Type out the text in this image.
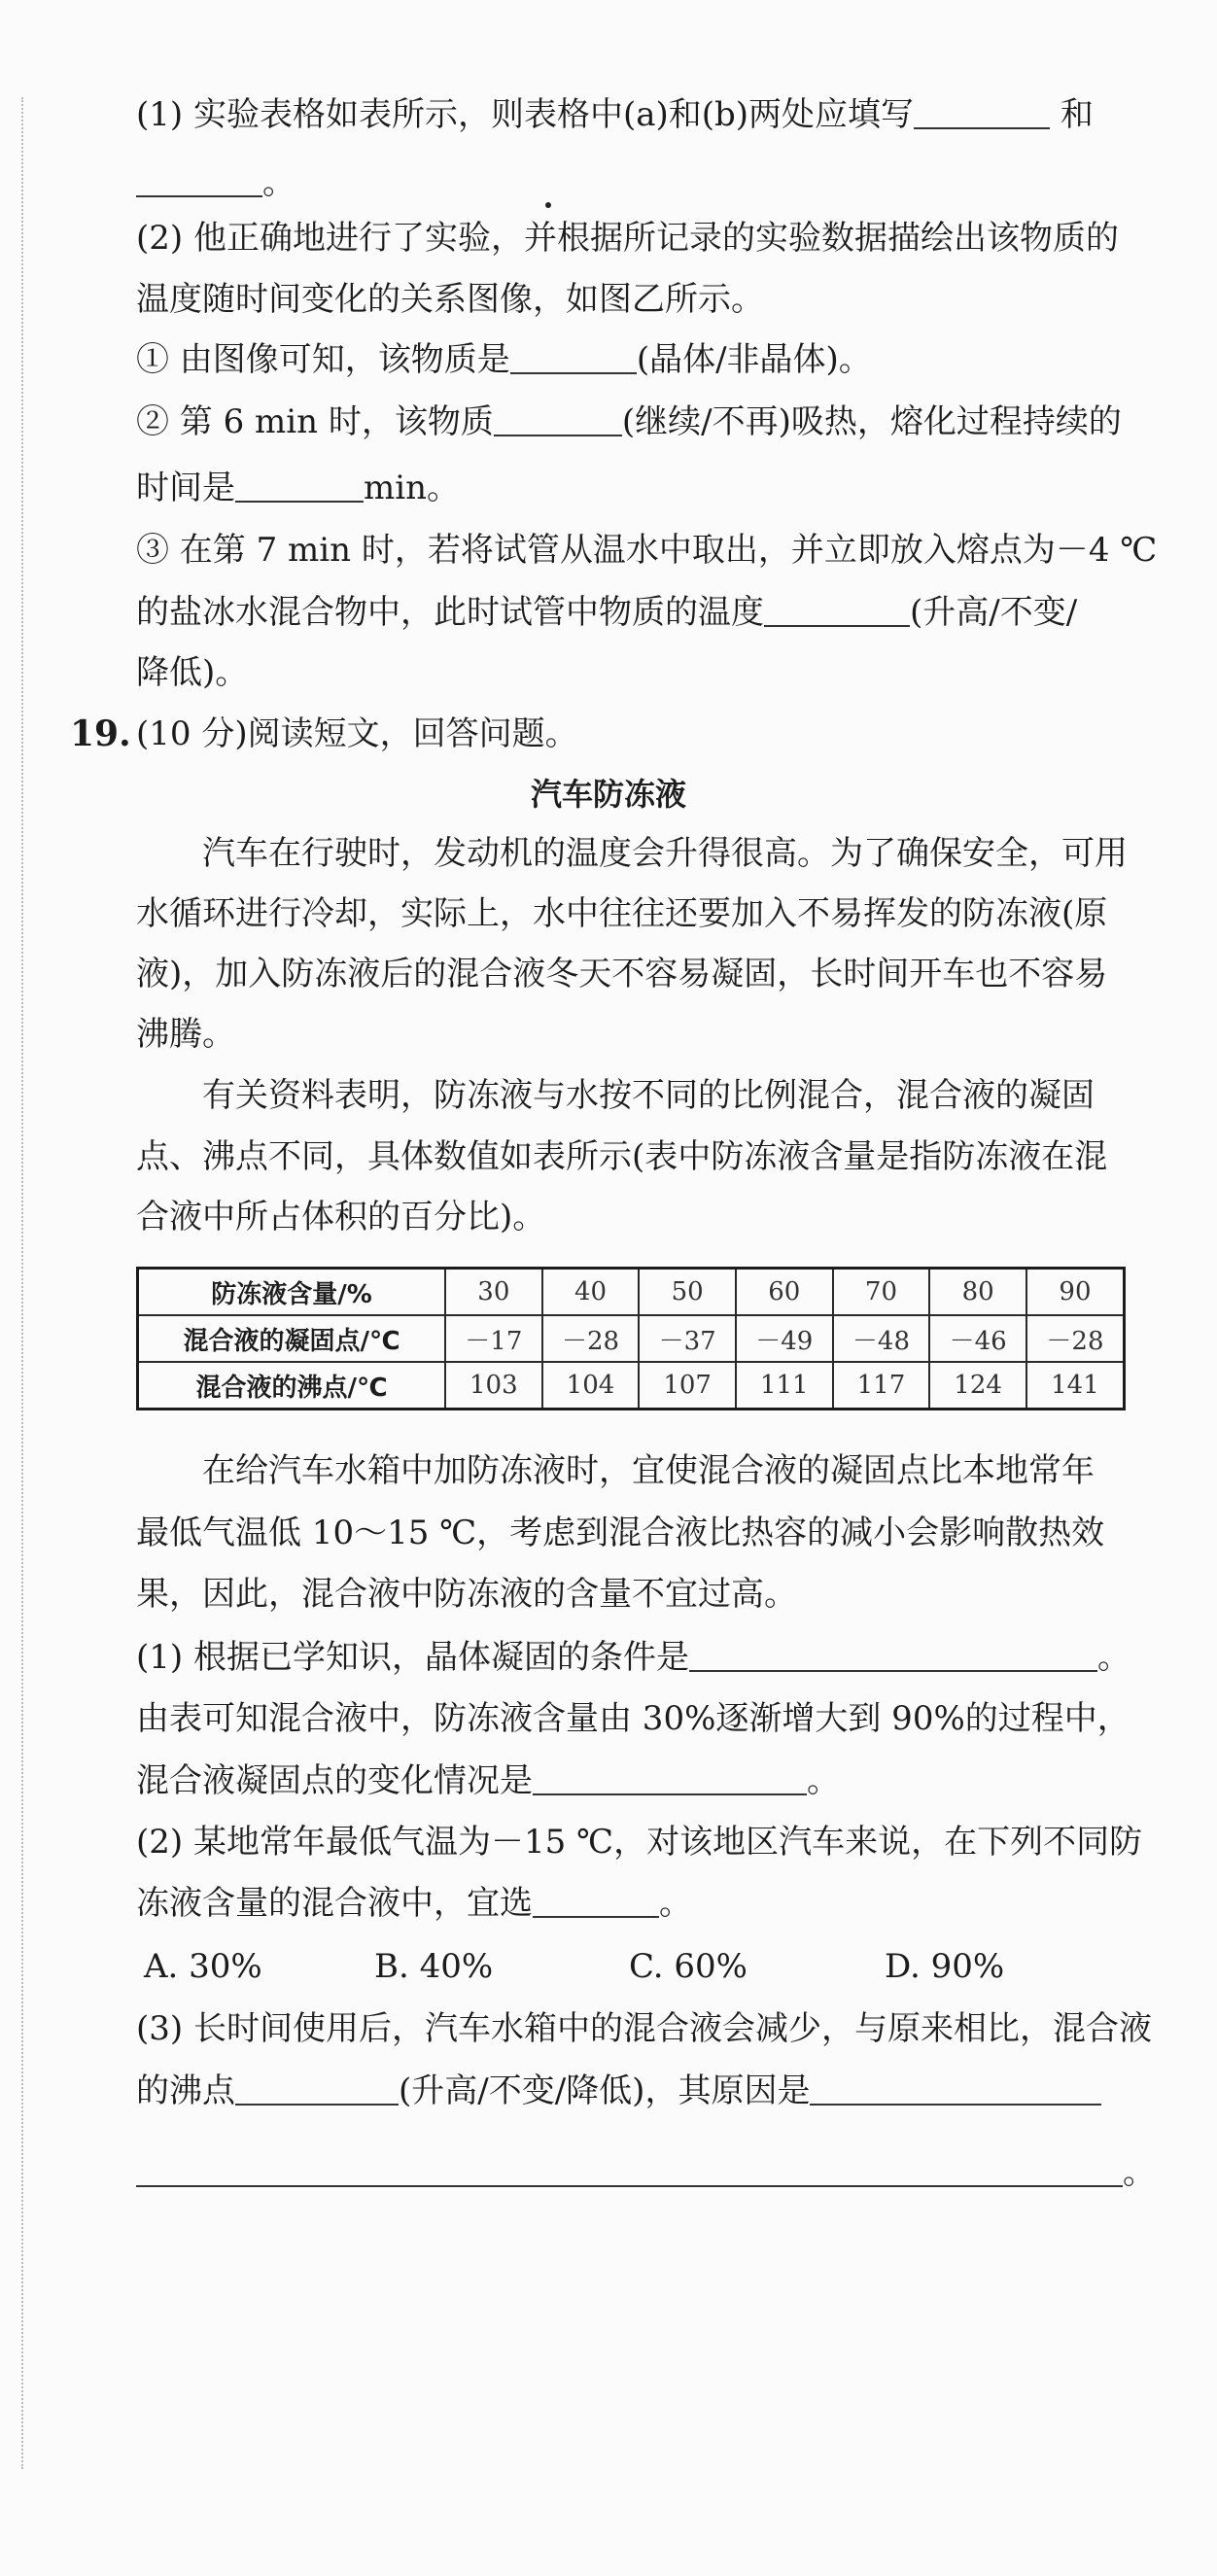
(1) 实验表格如表所示，则表格中(a)和(b)两处应填写	和
。
(2) 他正确地进行了实验，并根据所记录的实验数据描绘出该物质的
温度随时间变化的关系图像，如图乙所示。
① 由图像可知，该物质是	(晶体/非晶体)。
② 第 6 min 时，该物质	(继续/不再)吸热，熔化过程持续的
时间是	min。
③ 在第 7 min 时，若将试管从温水中取出，并立即放入熔点为－4 ℃
的盐冰水混合物中，此时试管中物质的温度	(升高/不变/
降低)。
19. (10 分)阅读短文，回答问题。
汽车防冻液
汽车在行驶时，发动机的温度会升得很高。为了确保安全，可用
水循环进行冷却，实际上，水中往往还要加入不易挥发的防冻液(原
液)，加入防冻液后的混合液冬天不容易凝固，长时间开车也不容易
沸腾。
有关资料表明，防冻液与水按不同的比例混合，混合液的凝固
点、沸点不同，具体数值如表所示(表中防冻液含量是指防冻液在混
合液中所占体积的百分比)。
防冻液含量/%	30	40	50	60	70	80	90
混合液的凝固点/℃	－17	－28	－37	－49	－48	－46	－28
混合液的沸点/℃	103	104	107	111	117	124	141
在给汽车水箱中加防冻液时，宜使混合液的凝固点比本地常年
最低气温低 10～15 ℃，考虑到混合液比热容的减小会影响散热效
果，因此，混合液中防冻液的含量不宜过高。
(1) 根据已学知识，晶体凝固的条件是	。
由表可知混合液中，防冻液含量由 30%逐渐增大到 90%的过程中，
混合液凝固点的变化情况是	。
(2) 某地常年最低气温为－15 ℃，对该地区汽车来说，在下列不同防
冻液含量的混合液中，宜选	。
A. 30%	B. 40%	C. 60%	D. 90%
(3) 长时间使用后，汽车水箱中的混合液会减少，与原来相比，混合液
的沸点	(升高/不变/降低)，其原因是
。
